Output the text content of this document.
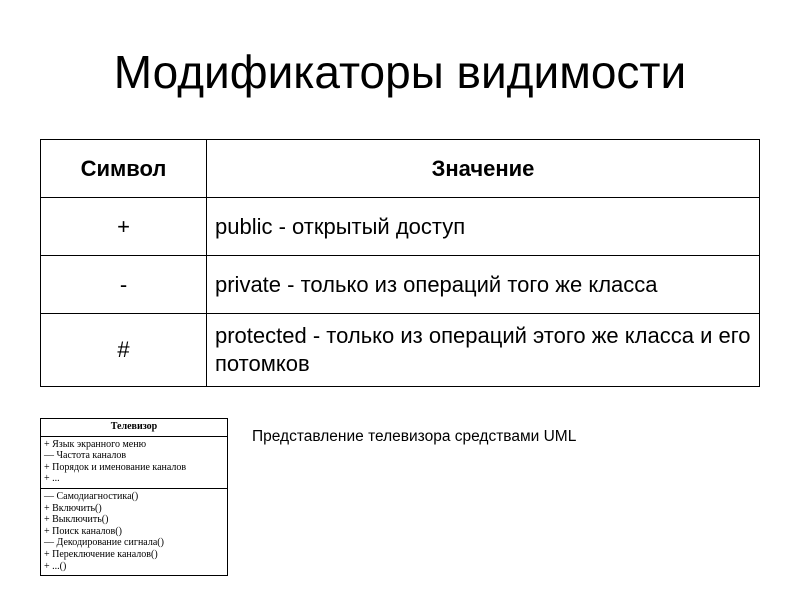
Модификаторы видимости
Символ	Значение
+	public - открытый доступ
-	private - только из операций того же класса
#	protected - только из операций этого же класса и его потомков
Телевизор
+ Язык экранного меню
— Частота каналов
+ Порядок и именование каналов
+ ...
— Самодиагностика()
+ Включить()
+ Выключить()
+ Поиск каналов()
— Декодирование сигнала()
+ Переключение каналов()
+ ...()
Представление телевизора средствами UML
